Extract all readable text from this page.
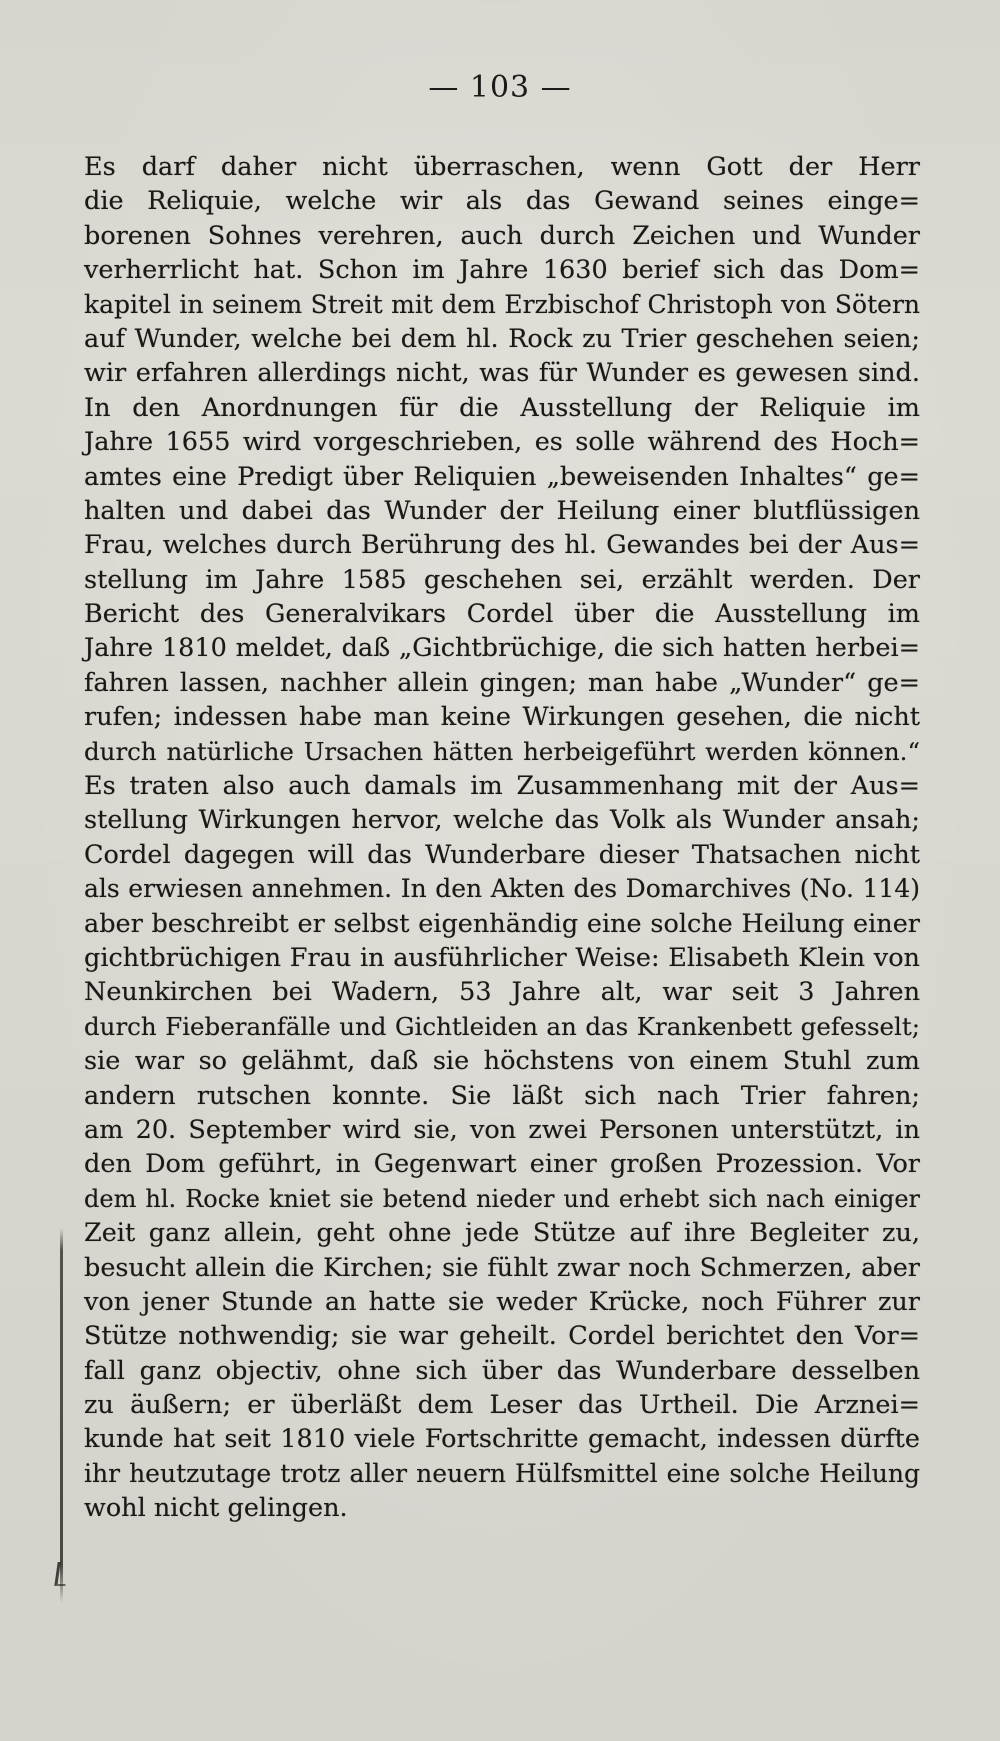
— 103 —
Es darf daher nicht überraschen, wenn Gott der Herr
die Reliquie, welche wir als das Gewand seines einge=
borenen Sohnes verehren, auch durch Zeichen und Wunder
verherrlicht hat. Schon im Jahre 1630 berief sich das Dom=
kapitel in seinem Streit mit dem Erzbischof Christoph von Sötern
auf Wunder, welche bei dem hl. Rock zu Trier geschehen seien;
wir erfahren allerdings nicht, was für Wunder es gewesen sind.
In den Anordnungen für die Ausstellung der Reliquie im
Jahre 1655 wird vorgeschrieben, es solle während des Hoch=
amtes eine Predigt über Reliquien „beweisenden Inhaltes“ ge=
halten und dabei das Wunder der Heilung einer blutflüssigen
Frau, welches durch Berührung des hl. Gewandes bei der Aus=
stellung im Jahre 1585 geschehen sei, erzählt werden. Der
Bericht des Generalvikars Cordel über die Ausstellung im
Jahre 1810 meldet, daß „Gichtbrüchige, die sich hatten herbei=
fahren lassen, nachher allein gingen; man habe „Wunder“ ge=
rufen; indessen habe man keine Wirkungen gesehen, die nicht
durch natürliche Ursachen hätten herbeigeführt werden können.“
Es traten also auch damals im Zusammenhang mit der Aus=
stellung Wirkungen hervor, welche das Volk als Wunder ansah;
Cordel dagegen will das Wunderbare dieser Thatsachen nicht
als erwiesen annehmen. In den Akten des Domarchives (No. 114)
aber beschreibt er selbst eigenhändig eine solche Heilung einer
gichtbrüchigen Frau in ausführlicher Weise: Elisabeth Klein von
Neunkirchen bei Wadern, 53 Jahre alt, war seit 3 Jahren
durch Fieberanfälle und Gichtleiden an das Krankenbett gefesselt;
sie war so gelähmt, daß sie höchstens von einem Stuhl zum
andern rutschen konnte. Sie läßt sich nach Trier fahren;
am 20. September wird sie, von zwei Personen unterstützt, in
den Dom geführt, in Gegenwart einer großen Prozession. Vor
dem hl. Rocke kniet sie betend nieder und erhebt sich nach einiger
Zeit ganz allein, geht ohne jede Stütze auf ihre Begleiter zu,
besucht allein die Kirchen; sie fühlt zwar noch Schmerzen, aber
von jener Stunde an hatte sie weder Krücke, noch Führer zur
Stütze nothwendig; sie war geheilt. Cordel berichtet den Vor=
fall ganz objectiv, ohne sich über das Wunderbare desselben
zu äußern; er überläßt dem Leser das Urtheil. Die Arznei=
kunde hat seit 1810 viele Fortschritte gemacht, indessen dürfte
ihr heutzutage trotz aller neuern Hülfsmittel eine solche Heilung
wohl nicht gelingen.
